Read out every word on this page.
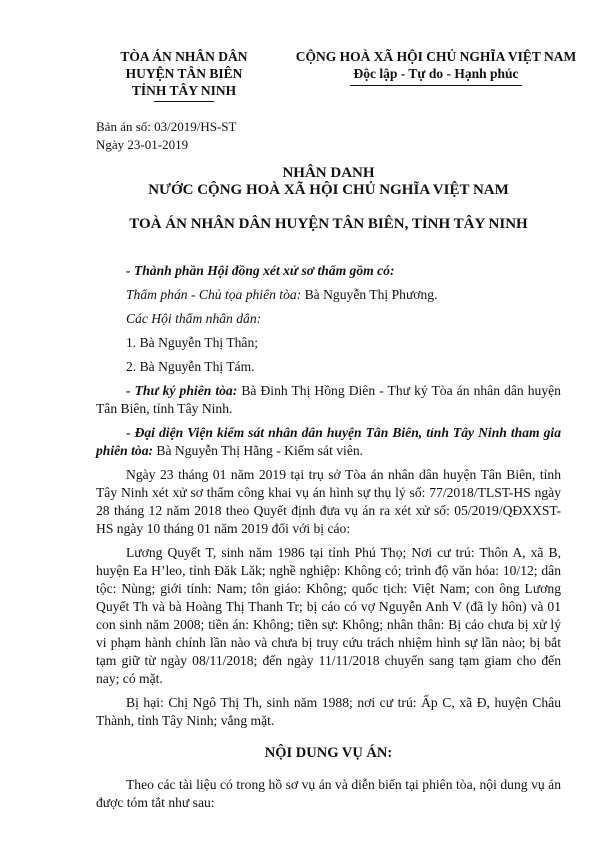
TÒA ÁN NHÂN DÂN
HUYỆN TÂN BIÊN
TỈNH TÂY NINH
CỘNG HOÀ XÃ HỘI CHỦ NGHĨA VIỆT NAM
Độc lập - Tự do - Hạnh phúc
Bản án số: 03/2019/HS-ST
Ngày 23-01-2019
NHÂN DANH
NƯỚC CỘNG HOÀ XÃ HỘI CHỦ NGHĨA VIỆT NAM
TOÀ ÁN NHÂN DÂN HUYỆN TÂN BIÊN, TỈNH TÂY NINH

- Thành phần Hội đồng xét xử sơ thẩm gồm có:

Thẩm phán - Chủ tọa phiên tòa: Bà Nguyễn Thị Phương.

Các Hội thẩm nhân dân:

1. Bà Nguyễn Thị Thân;

2. Bà Nguyễn Thị Tám.

- Thư ký phiên tòa: Bà Đinh Thị Hồng Diên - Thư ký Tòa án nhân dân huyện Tân Biên, tỉnh Tây Ninh.

- Đại diện Viện kiểm sát nhân dân huyện Tân Biên, tỉnh Tây Ninh tham gia phiên tòa: Bà Nguyễn Thị Hằng - Kiểm sát viên.

Ngày 23 tháng 01 năm 2019 tại trụ sở Tòa án nhân dân huyện Tân Biên, tỉnh Tây Ninh xét xử sơ thẩm công khai vụ án hình sự thụ lý số: 77/2018/TLST-HS ngày 28 tháng 12 năm 2018 theo Quyết định đưa vụ án ra xét xử số: 05/2019/QĐXXST-HS ngày 10 tháng 01 năm 2019 đối với bị cáo:

Lương Quyết T, sinh năm 1986 tại tỉnh Phú Thọ; Nơi cư trú: Thôn A, xã B, huyện Ea H’leo, tỉnh Đăk Lăk; nghề nghiệp: Không có; trình độ văn hóa: 10/12; dân tộc: Nùng; giới tính: Nam; tôn giáo: Không; quốc tịch: Việt Nam; con ông Lương Quyết Th và bà Hoàng Thị Thanh Tr; bị cáo có vợ Nguyễn Anh V (đã ly hôn) và 01 con sinh năm 2008; tiền án: Không; tiền sự: Không; nhân thân: Bị cáo chưa bị xử lý vi phạm hành chính lần nào và chưa bị truy cứu trách nhiệm hình sự lần nào; bị bắt tạm giữ từ ngày 08/11/2018; đến ngày 11/11/2018 chuyển sang tạm giam cho đến nay; có mặt.

Bị hại: Chị Ngô Thị Th, sinh năm 1988; nơi cư trú: Ấp C, xã Đ, huyện Châu Thành, tỉnh Tây Ninh; vắng mặt.

NỘI DUNG VỤ ÁN:

Theo các tài liệu có trong hồ sơ vụ án và diễn biến tại phiên tòa, nội dung vụ án được tóm tắt như sau:
